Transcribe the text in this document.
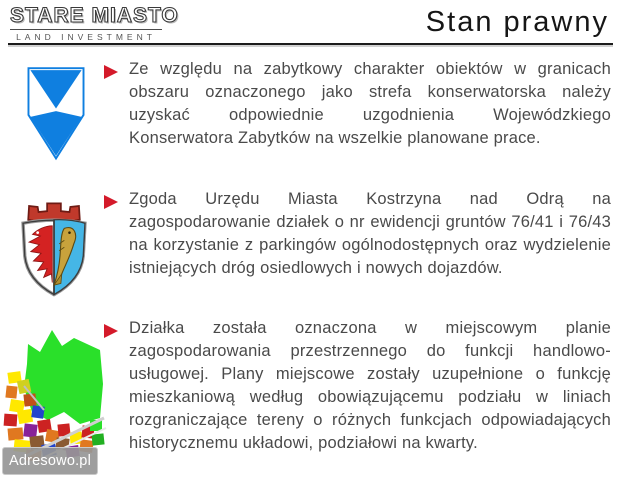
STARE MIASTO
LAND INVESTMENT	Stan prawny
Ze względu na zabytkowy charakter obiektów w granicach obszaru oznaczonego jako strefa konserwatorska należy uzyskać odpowiednie uzgodnienia Wojewódzkiego Konserwatora Zabytków na wszelkie planowane prace.
Zgoda Urzędu Miasta Kostrzyna nad Odrą na zagospodarowanie działek o nr ewidencji gruntów 76/41 i 76/43 na korzystanie z parkingów ogólnodostępnych oraz wydzielenie istniejących dróg osiedlowych i nowych dojazdów.
Działka została oznaczona w miejscowym planie zagospodarowania przestrzennego do funkcji handlowo-usługowej. Plany miejscowe zostały uzupełnione o funkcję mieszkaniową według obowiązującemu podziału w liniach rozgraniczające tereny o różnych funkcjach odpowiadających historycznemu układowi, podziałowi na kwarty.
Adresowo.pl
